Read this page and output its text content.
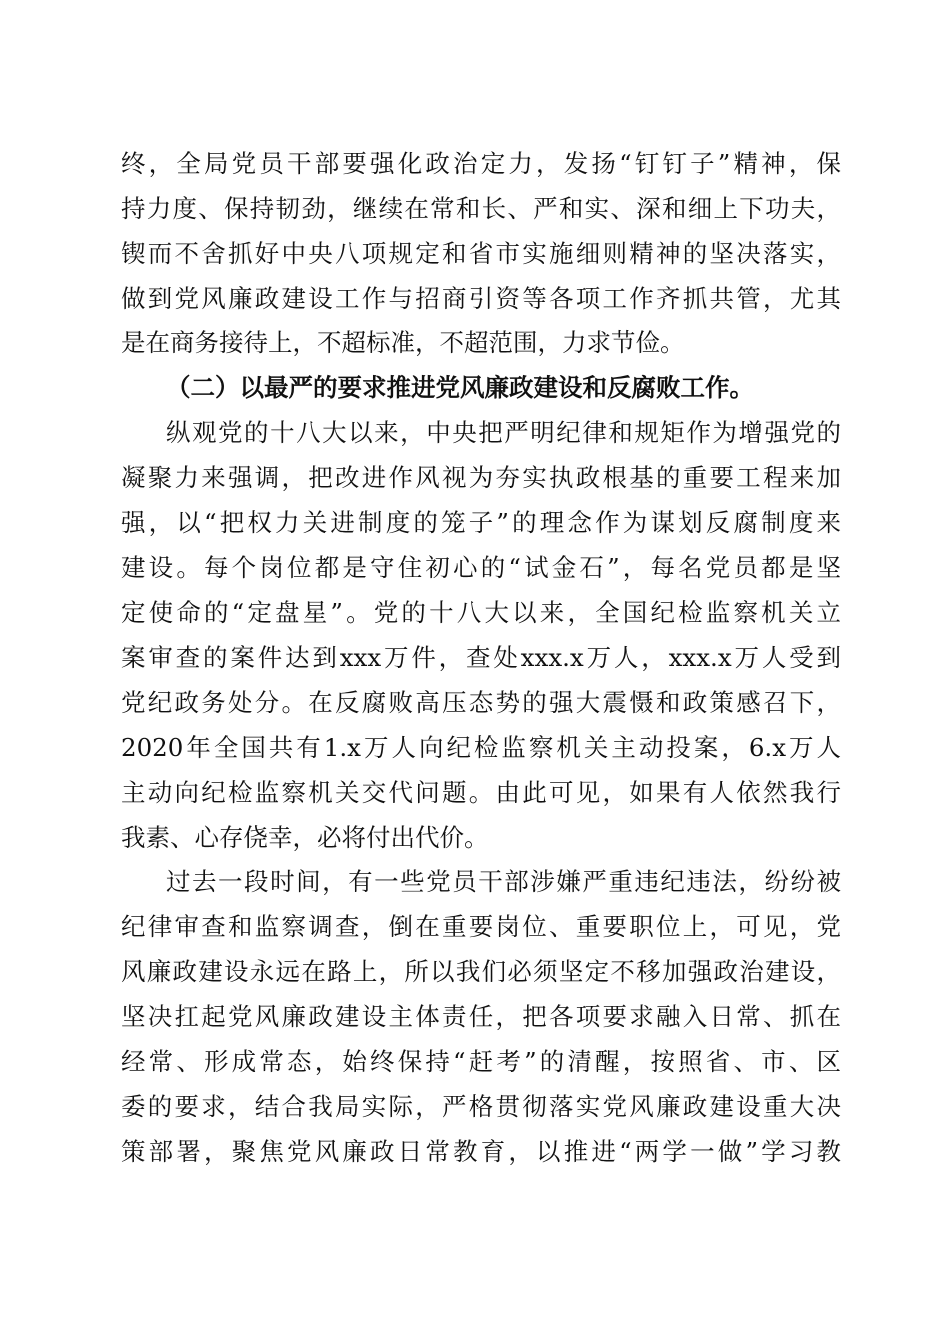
终，全局党员干部要强化政治定力，发扬“钉钉子”精神，保
持力度、保持韧劲，继续在常和长、严和实、深和细上下功夫，
锲而不舍抓好中央八项规定和省市实施细则精神的坚决落实，
做到党风廉政建设工作与招商引资等各项工作齐抓共管，尤其
是在商务接待上，不超标准，不超范围，力求节俭。
（二）以最严的要求推进党风廉政建设和反腐败工作。
纵观党的十八大以来，中央把严明纪律和规矩作为增强党的
凝聚力来强调，把改进作风视为夯实执政根基的重要工程来加
强，以“把权力关进制度的笼子”的理念作为谋划反腐制度来
建设。每个岗位都是守住初心的“试金石”，每名党员都是坚
定使命的“定盘星”。党的十八大以来，全国纪检监察机关立
案审查的案件达到xxx万件，查处xxx.x万人，xxx.x万人受到
党纪政务处分。在反腐败高压态势的强大震慑和政策感召下，
2020年全国共有1.x万人向纪检监察机关主动投案，6.x万人
主动向纪检监察机关交代问题。由此可见，如果有人依然我行
我素、心存侥幸，必将付出代价。
过去一段时间，有一些党员干部涉嫌严重违纪违法，纷纷被
纪律审查和监察调查，倒在重要岗位、重要职位上，可见，党
风廉政建设永远在路上，所以我们必须坚定不移加强政治建设，
坚决扛起党风廉政建设主体责任，把各项要求融入日常、抓在
经常、形成常态，始终保持“赶考”的清醒，按照省、市、区
委的要求，结合我局实际，严格贯彻落实党风廉政建设重大决
策部署，聚焦党风廉政日常教育，以推进“两学一做”学习教
